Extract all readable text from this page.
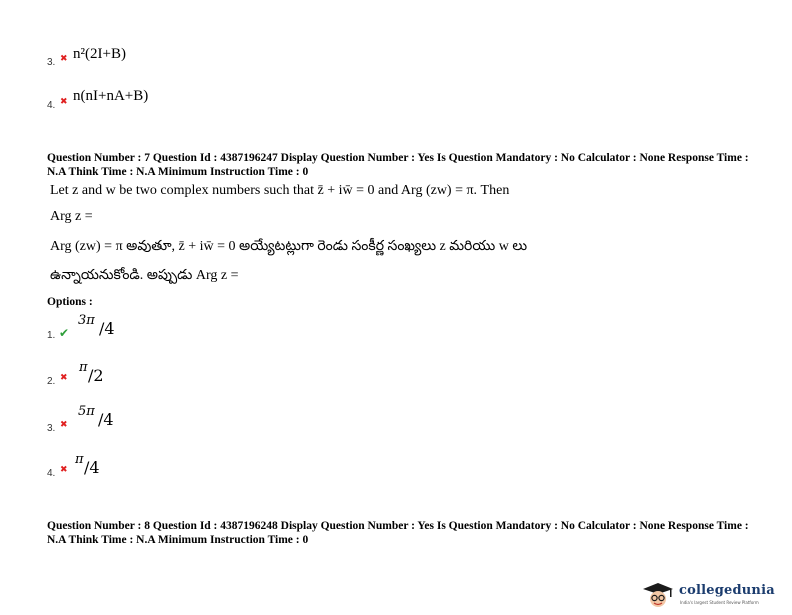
3. ✖ n²(2I+B)
4. ✖ n(nI+nA+B)
Question Number : 7 Question Id : 4387196247 Display Question Number : Yes Is Question Mandatory : No Calculator : None Response Time : N.A Think Time : N.A Minimum Instruction Time : 0
Let z and w be two complex numbers such that z̄ + iw̄ = 0 and Arg (zw) = π. Then
Arg z =
Arg (zw) = π అవుతూ, z̄ + iw̄ = 0 అయ్యేటట్లుగా రెండు సంకీర్ణ సంఖ్యలు z మరియు w లు
ఉన్నాయనుకోండి. అప్పుడు Arg z =
Options :
1. ✔
3π /4
2. ✖
π /2
3. ✖
5π /4
4. ✖
π /4
Question Number : 8 Question Id : 4387196248 Display Question Number : Yes Is Question Mandatory : No Calculator : None Response Time : N.A Think Time : N.A Minimum Instruction Time : 0
collegedunia
India's largest Student Review Platform
